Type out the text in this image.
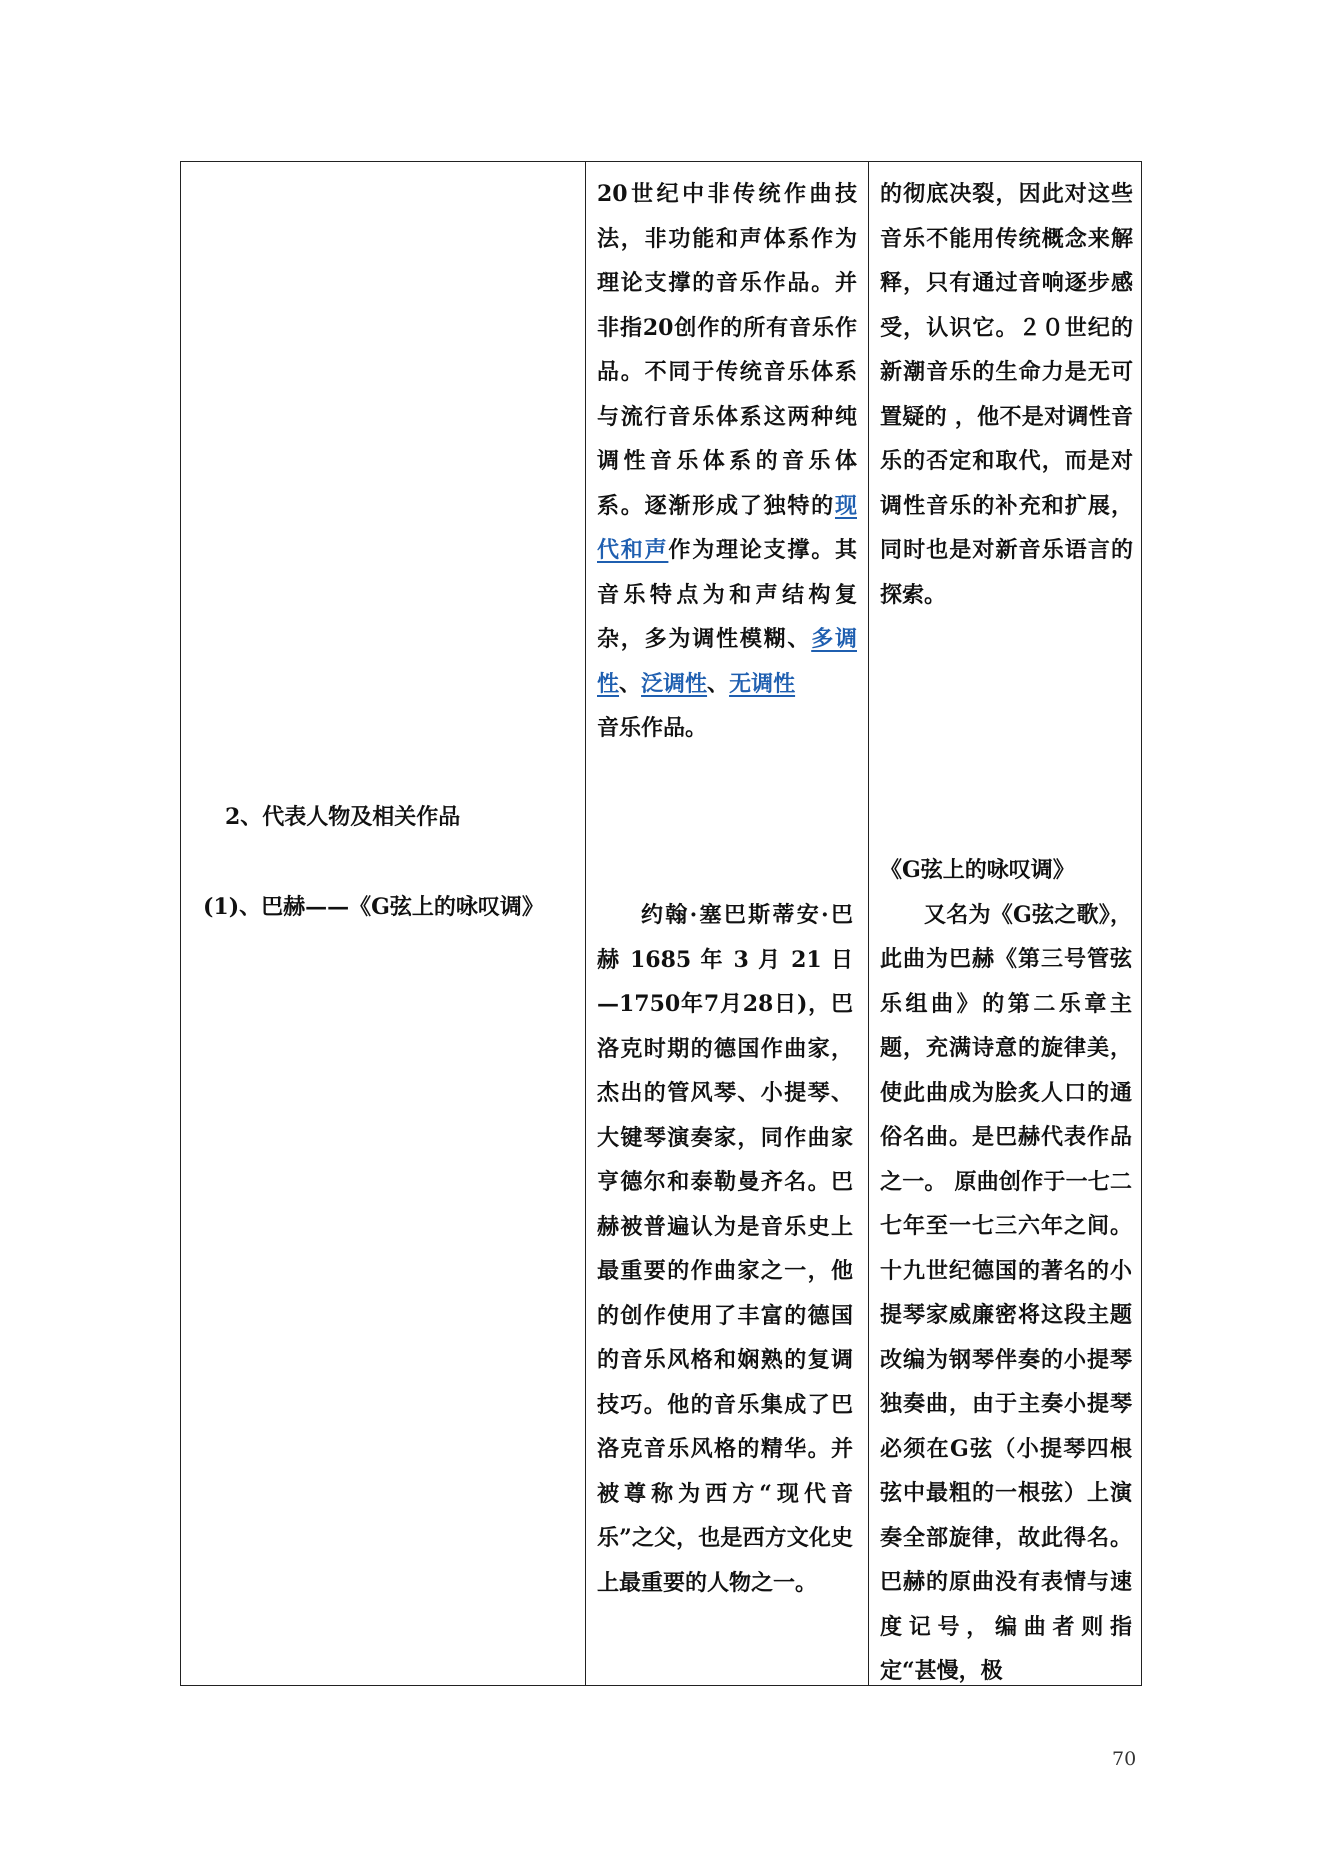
20世纪中非传统作曲技法，非功能和声体系作为理论支撑的音乐作品。并非指20创作的所有音乐作品。不同于传统音乐体系与流行音乐体系这两种纯调性音乐体系的音乐体系。逐渐形成了独特的现代和声作为理论支撑。其音乐特点为和声结构复杂，多为调性模糊、多调性、泛调性、无调性
音乐作品。

的彻底决裂，因此对这些音乐不能用传统概念来解释，只有通过音响逐步感受，认识它。２０世纪的新潮音乐的生命力是无可置疑的 ，他不是对调性音乐的否定和取代，而是对调性音乐的补充和扩展，同时也是对新音乐语言的探索。

2、代表人物及相关作品
(1)、巴赫——《G弦上的咏叹调》	约翰·塞巴斯蒂安·巴赫 1685 年 3 月 21 日—1750年7月28日)，巴洛克时期的德国作曲家，杰出的管风琴、小提琴、大键琴演奏家，同作曲家亨德尔和泰勒曼齐名。巴赫被普遍认为是音乐史上最重要的作曲家之一，他的创作使用了丰富的德国的音乐风格和娴熟的复调技巧。他的音乐集成了巴洛克音乐风格的精华。并被尊称为西方“现代音乐”之父，也是西方文化史上最重要的人物之一。

《G弦上的咏叹调》

又名为《G弦之歌》，此曲为巴赫《第三号管弦乐组曲》的第二乐章主题，充满诗意的旋律美，使此曲成为脍炙人口的通俗名曲。是巴赫代表作品之一。 原曲创作于一七二七年至一七三六年之间。十九世纪德国的著名的小提琴家威廉密将这段主题改编为钢琴伴奏的小提琴独奏曲，由于主奏小提琴必须在G弦（小提琴四根弦中最粗的一根弦）上演奏全部旋律，故此得名。巴赫的原曲没有表情与速度记号，编曲者则指定“甚慢，极

70
